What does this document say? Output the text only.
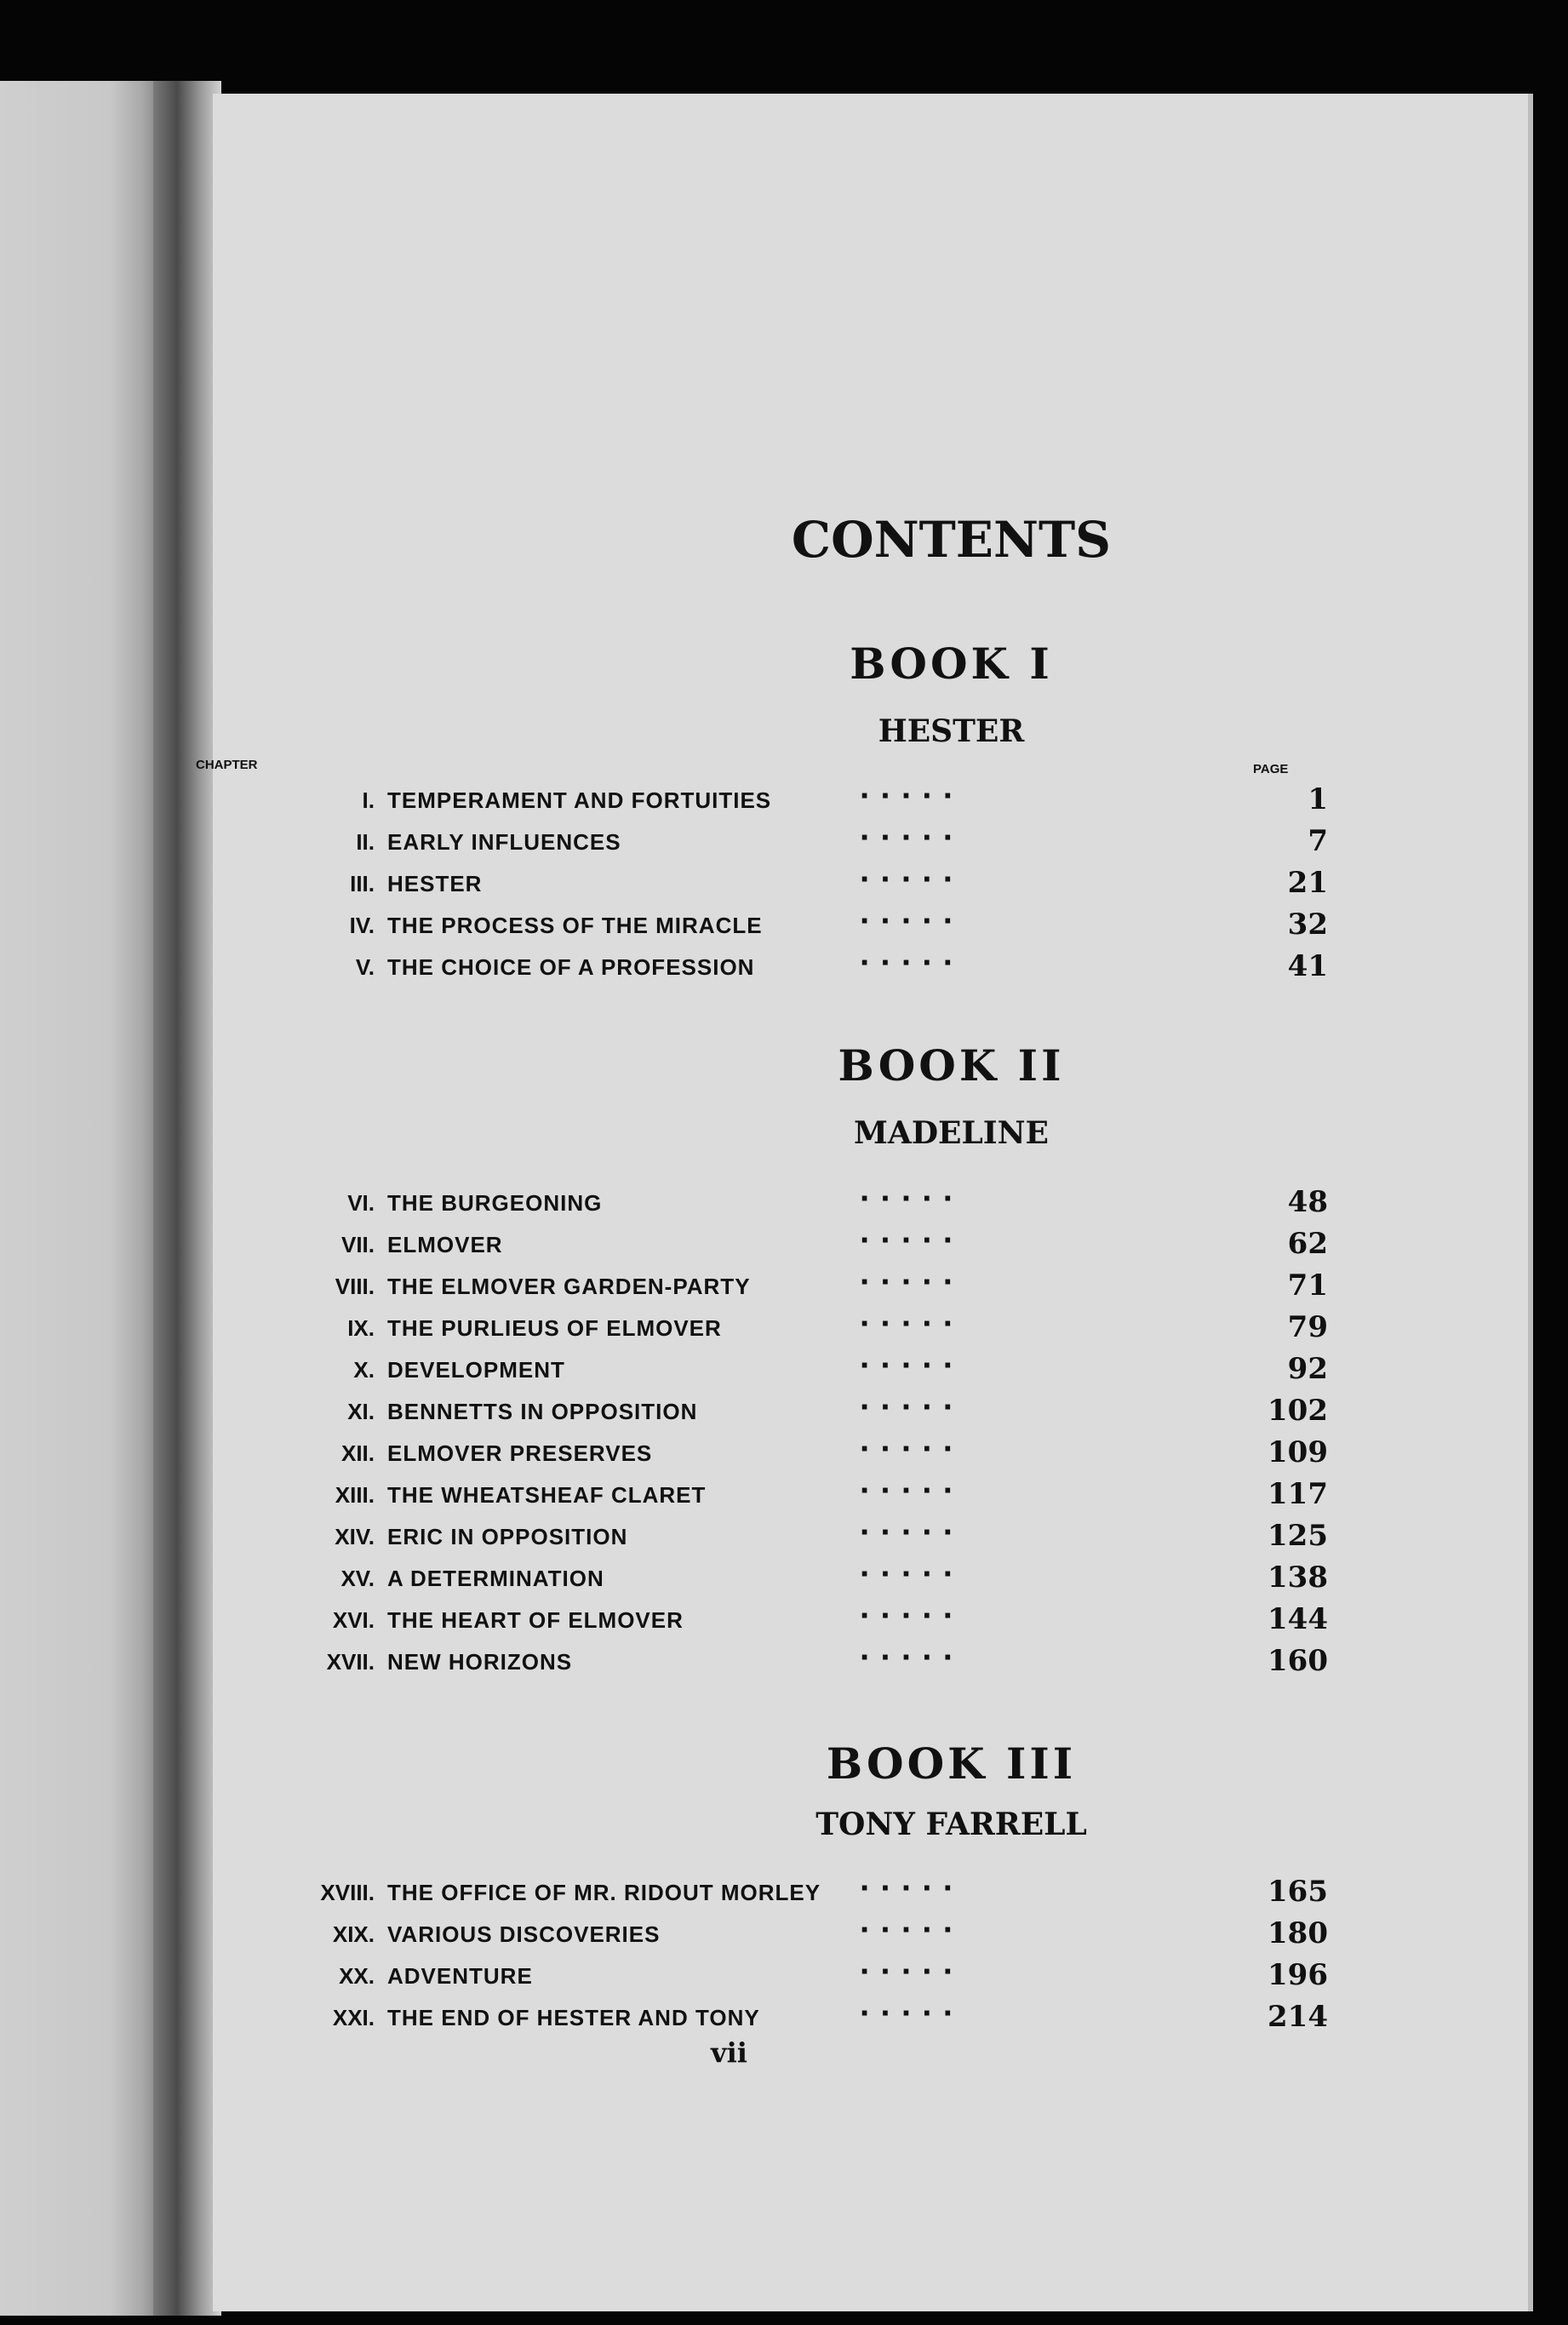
CONTENTS
BOOK I
HESTER
CHAPTER	PAGE
I. TEMPERAMENT AND FORTUITIES	· · · · ·	1
II. EARLY INFLUENCES	· · · · ·	7
III. HESTER	· · · · ·	21
IV. THE PROCESS OF THE MIRACLE	· · · · ·	32
V. THE CHOICE OF A PROFESSION	· · · · ·	41
BOOK II
MADELINE
VI. THE BURGEONING	· · · · ·	48
VII. ELMOVER	· · · · ·	62
VIII. THE ELMOVER GARDEN-PARTY	· · · · ·	71
IX. THE PURLIEUS OF ELMOVER	· · · · ·	79
X. DEVELOPMENT	· · · · ·	92
XI. BENNETTS IN OPPOSITION	· · · · ·	102
XII. ELMOVER PRESERVES	· · · · ·	109
XIII. THE WHEATSHEAF CLARET	· · · · ·	117
XIV. ERIC IN OPPOSITION	· · · · ·	125
XV. A DETERMINATION	· · · · ·	138
XVI. THE HEART OF ELMOVER	· · · · ·	144
XVII. NEW HORIZONS	· · · · ·	160
BOOK III
TONY FARRELL
XVIII. THE OFFICE OF MR. RIDOUT MORLEY · · · · ·	165
XIX. VARIOUS DISCOVERIES	· · · · ·	180
XX. ADVENTURE	· · · · ·	196
XXI. THE END OF HESTER AND TONY	· · · · ·	214
vii
